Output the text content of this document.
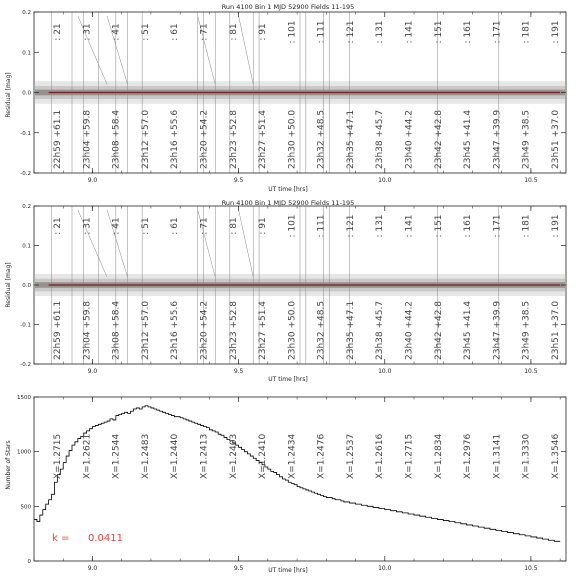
Run 4100 Bin 1 MJD 52900 Fields 11-195
Residual [mag]
UT time [hrs]
9.0	9.5	10.0	10.5
-0.2
-0.1
0.0
0.1
0.2
: 21
22h59 +61.1
: 31
23h04 +59.8
: 41
23h08 +58.4
: 51
23h12 +57.0
: 61
23h16 +55.6
: 71
23h20 +54.2
: 81
23h23 +52.8
: 91
23h27 +51.4
: 101
23h30 +50.0
: 111
23h32 +48.5
: 121
23h35 +47.1
: 131
23h38 +45.7
: 141
23h40 +44.2
: 151
23h42 +42.8
: 161
23h45 +41.4
: 171
23h47 +39.9
: 181
23h49 +38.5
: 191
23h51 +37.0
Run 4100 Bin 1 MJD 52900 Fields 11-195
Residual [mag]
UT time [hrs]
9.0	9.5	10.0	10.5
-0.2
-0.1
0.0
0.1
0.2
: 21
22h59 +61.1
: 31
23h04 +59.8
: 41
23h08 +58.4
: 51
23h12 +57.0
: 61
23h16 +55.6
: 71
23h20 +54.2
: 81
23h23 +52.8
: 91
23h27 +51.4
: 101
23h30 +50.0
: 111
23h32 +48.5
: 121
23h35 +47.1
: 131
23h38 +45.7
: 141
23h40 +44.2
: 151
23h42 +42.8
: 161
23h45 +41.4
: 171
23h47 +39.9
: 181
23h49 +38.5
: 191
23h51 +37.0
Number of Stars
UT time [hrs]
9.0	9.5	10.0	10.5
0
500
1000
1500
X=1.2715 X=1.2621 X=1.2544 X=1.2483 X=1.2440 X=1.2413 X=1.2403 X=1.2410 X=1.2434 X=1.2476 X=1.2537 X=1.2616 X=1.2715 X=1.2834 X=1.2976 X=1.3141 X=1.3330 X=1.3546
